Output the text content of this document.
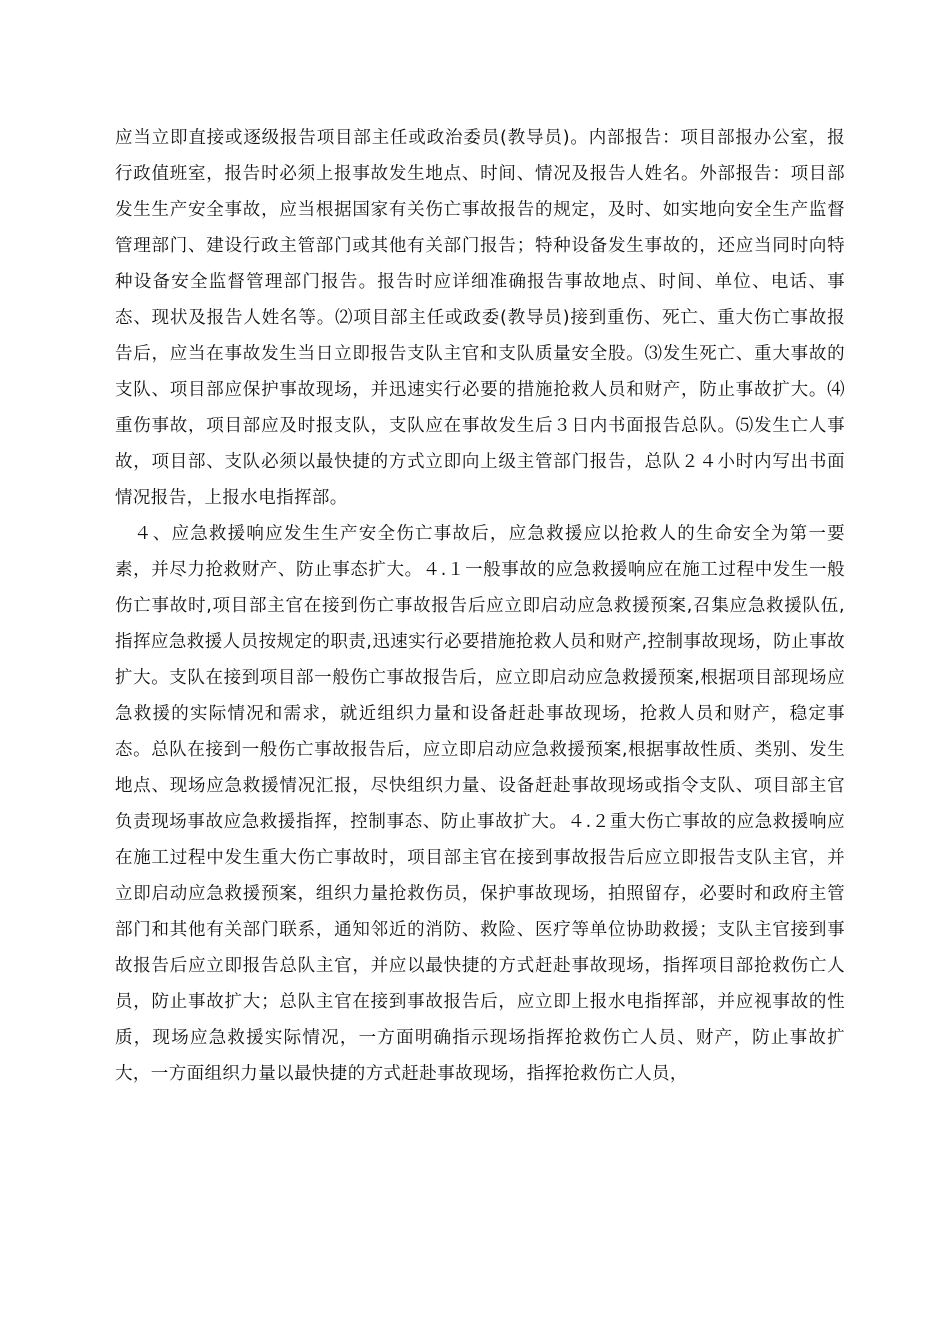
应当立即直接或逐级报告项目部主任或政治委员(教导员)。内部报告：项目部报办公室，报行政值班室，报告时必须上报事故发生地点、时间、情况及报告人姓名。外部报告：项目部发生生产安全事故，应当根据国家有关伤亡事故报告的规定，及时、如实地向安全生产监督管理部门、建设行政主管部门或其他有关部门报告；特种设备发生事故的，还应当同时向特种设备安全监督管理部门报告。报告时应详细准确报告事故地点、时间、单位、电话、事态、现状及报告人姓名等。⑵项目部主任或政委(教导员)接到重伤、死亡、重大伤亡事故报告后，应当在事故发生当日立即报告支队主官和支队质量安全股。⑶发生死亡、重大事故的支队、项目部应保护事故现场，并迅速实行必要的措施抢救人员和财产，防止事故扩大。⑷重伤事故，项目部应及时报支队，支队应在事故发生后３日内书面报告总队。⑸发生亡人事故，项目部、支队必须以最快捷的方式立即向上级主管部门报告，总队２４小时内写出书面情况报告，上报水电指挥部。

４、应急救援响应发生生产安全伤亡事故后，应急救援应以抢救人的生命安全为第一要素，并尽力抢救财产、防止事态扩大。４.１一般事故的应急救援响应在施工过程中发生一般伤亡事故时,项目部主官在接到伤亡事故报告后应立即启动应急救援预案,召集应急救援队伍,指挥应急救援人员按规定的职责,迅速实行必要措施抢救人员和财产,控制事故现场，防止事故扩大。支队在接到项目部一般伤亡事故报告后，应立即启动应急救援预案,根据项目部现场应急救援的实际情况和需求，就近组织力量和设备赶赴事故现场，抢救人员和财产，稳定事态。总队在接到一般伤亡事故报告后，应立即启动应急救援预案,根据事故性质、类别、发生地点、现场应急救援情况汇报，尽快组织力量、设备赶赴事故现场或指令支队、项目部主官负责现场事故应急救援指挥，控制事态、防止事故扩大。４.２重大伤亡事故的应急救援响应在施工过程中发生重大伤亡事故时，项目部主官在接到事故报告后应立即报告支队主官，并立即启动应急救援预案，组织力量抢救伤员，保护事故现场，拍照留存，必要时和政府主管部门和其他有关部门联系，通知邻近的消防、救险、医疗等单位协助救援；支队主官接到事故报告后应立即报告总队主官，并应以最快捷的方式赶赴事故现场，指挥项目部抢救伤亡人员，防止事故扩大；总队主官在接到事故报告后，应立即上报水电指挥部，并应视事故的性质，现场应急救援实际情况，一方面明确指示现场指挥抢救伤亡人员、财产，防止事故扩大，一方面组织力量以最快捷的方式赶赴事故现场，指挥抢救伤亡人员，
